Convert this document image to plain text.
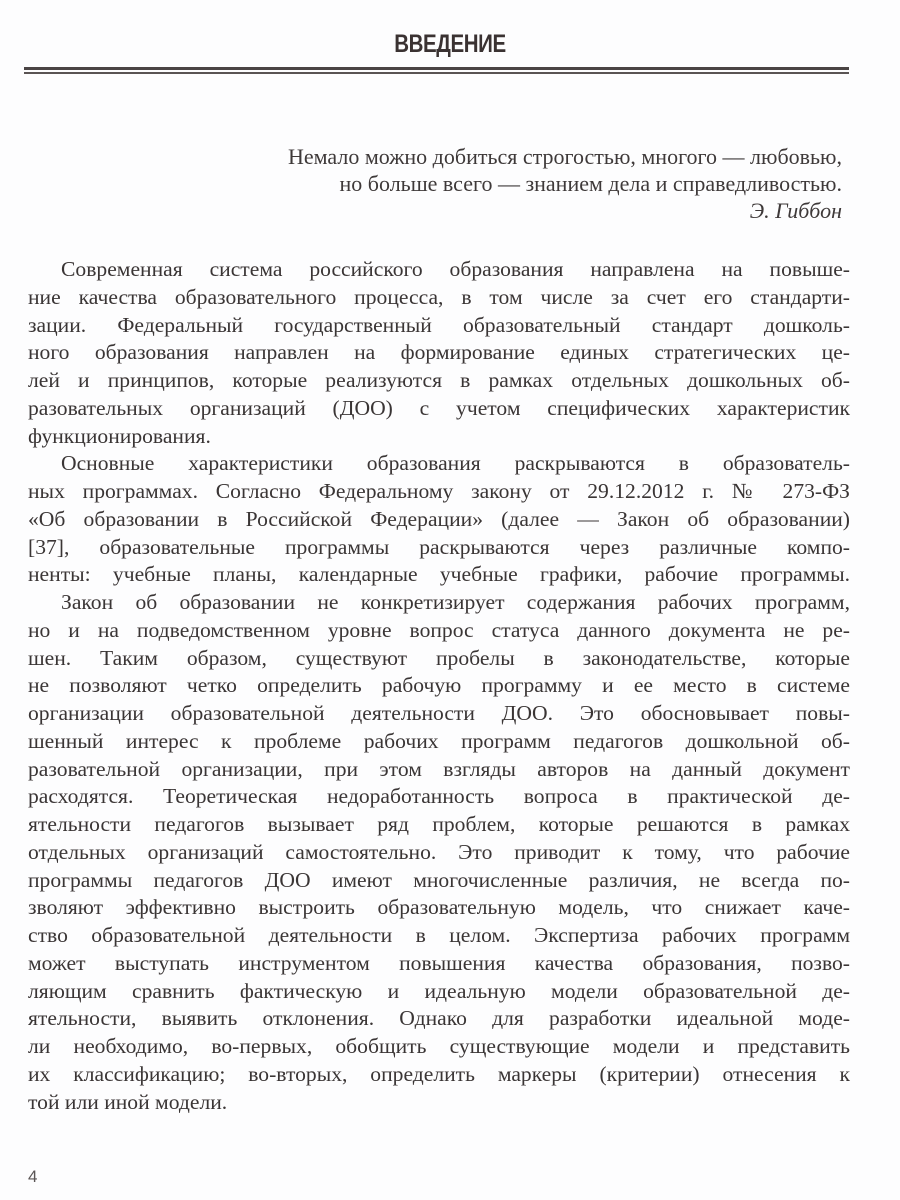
ВВЕДЕНИЕ
Немало можно добиться строгостью, многого — любовью,
но больше всего — знанием дела и справедливостью.
Э. Гиббон
Современная система российского образования направлена на повыше-
ние качества образовательного процесса, в том числе за счет его стандарти-
зации. Федеральный государственный образовательный стандарт дошколь-
ного образования направлен на формирование единых стратегических це-
лей и принципов, которые реализуются в рамках отдельных дошкольных об-
разовательных организаций (ДОО) с учетом специфических характеристик
функционирования.
Основные характеристики образования раскрываются в образователь-
ных программах. Согласно Федеральному закону от 29.12.2012 г. № 273-ФЗ
«Об образовании в Российской Федерации» (далее — Закон об образовании)
[37], образовательные программы раскрываются через различные компо-
ненты: учебные планы, календарные учебные графики, рабочие программы.
Закон об образовании не конкретизирует содержания рабочих программ,
но и на подведомственном уровне вопрос статуса данного документа не ре-
шен. Таким образом, существуют пробелы в законодательстве, которые
не позволяют четко определить рабочую программу и ее место в системе
организации образовательной деятельности ДОО. Это обосновывает повы-
шенный интерес к проблеме рабочих программ педагогов дошкольной об-
разовательной организации, при этом взгляды авторов на данный документ
расходятся. Теоретическая недоработанность вопроса в практической де-
ятельности педагогов вызывает ряд проблем, которые решаются в рамках
отдельных организаций самостоятельно. Это приводит к тому, что рабочие
программы педагогов ДОО имеют многочисленные различия, не всегда по-
зволяют эффективно выстроить образовательную модель, что снижает каче-
ство образовательной деятельности в целом. Экспертиза рабочих программ
может выступать инструментом повышения качества образования, позво-
ляющим сравнить фактическую и идеальную модели образовательной де-
ятельности, выявить отклонения. Однако для разработки идеальной моде-
ли необходимо, во-первых, обобщить существующие модели и представить
их классификацию; во-вторых, определить маркеры (критерии) отнесения к
той или иной модели.
4
